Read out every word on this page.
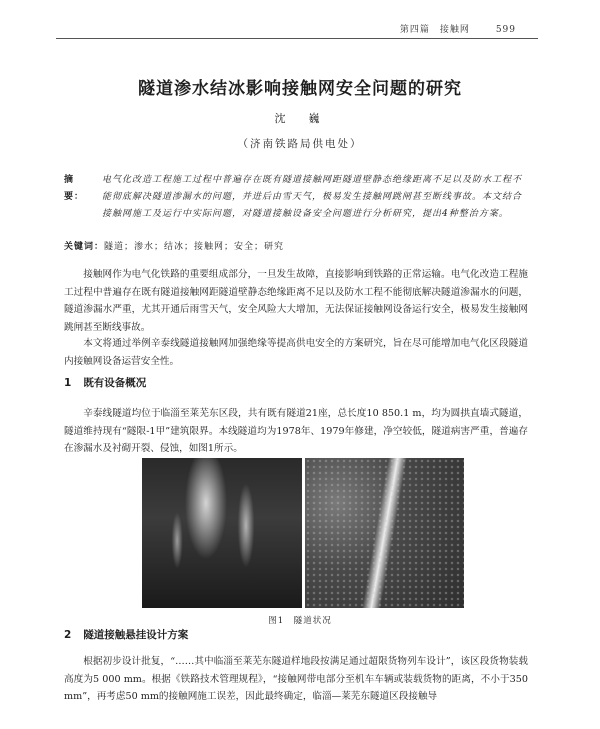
第四篇　接触网	599
隧道渗水结冰影响接触网安全问题的研究
沈　巍
（济南铁路局供电处）
摘　要：
电气化改造工程施工过程中普遍存在既有隧道接触网距隧道壁静态绝缘距离不足以及防水工程不能彻底解决隧道渗漏水的问题，并进后由雪天气，极易发生接触网跳闸甚至断线事故。本文结合接触网施工及运行中实际问题，对隧道接触设备安全问题进行分析研究，提出4种整治方案。
关键词：隧道；渗水；结冰；接触网；安全；研究

接触网作为电气化铁路的重要组成部分，一旦发生故障，直接影响到铁路的正常运输。电气化改造工程施工过程中普遍存在既有隧道接触网距隧道壁静态绝缘距离不足以及防水工程不能彻底解决隧道渗漏水的问题，隧道渗漏水严重，尤其开通后雨雪天气，安全风险大大增加，无法保证接触网设备运行安全，极易发生接触网跳闸甚至断线事故。

本文将通过举例辛泰线隧道接触网加强绝缘等提高供电安全的方案研究，旨在尽可能增加电气化区段隧道内接触网设备运营安全性。

1 既有设备概况

辛泰线隧道均位于临淄至莱芜东区段，共有既有隧道21座，总长度10 850.1 m，均为圆拱直墙式隧道，隧道维持现有“隧限-1甲”建筑限界。本线隧道均为1978年、1979年修建，净空较低，隧道病害严重，普遍存在渗漏水及衬砌开裂、侵蚀，如图1所示。

图1　隧道状况
2 隧道接触悬挂设计方案

根据初步设计批复，“……其中临淄至莱芜东隧道样地段按满足通过超限货物列车设计”，该区段货物装载高度为5 000 mm。根据《铁路技术管理规程》，“接触网带电部分至机车车辆或装载货物的距离，不小于350 mm”，再考虑50 mm的接触网施工误差，因此最终确定，临淄—莱芜东隧道区段接触导
